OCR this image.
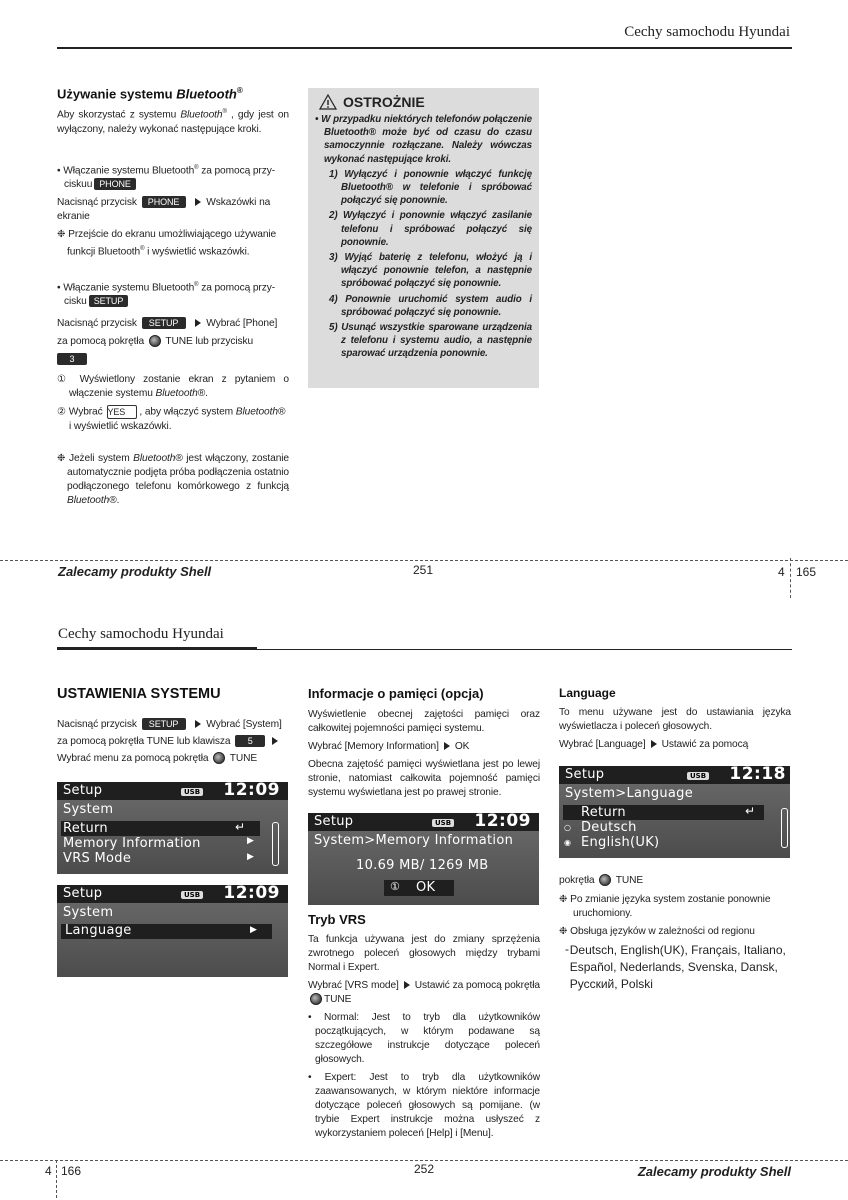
Cechy samochodu Hyundai
Używanie systemu Bluetooth®
Aby skorzystać z systemu Bluetooth® , gdy jest on wyłączony, należy wykonać następujące kroki.
• Włączanie systemu Bluetooth® za pomocą przy-
ciskuu PHONE
Nacisnąć przycisk PHONE	Wskazówki na ekranie
❉ Przejście do ekranu umożliwiającego używanie funkcji Bluetooth® i wyświetlić wskazówki.
• Włączanie systemu Bluetooth® za pomocą przy-
cisku SETUP
Nacisnąć przycisk SETUP	Wybrać [Phone]
za pomocą pokrętła TUNE lub przycisku
3
① Wyświetlony zostanie ekran z pytaniem o włączenie systemu Bluetooth®.
② Wybrać YES , aby włączyć system Bluetooth® i wyświetlić wskazówki.
❉ Jeżeli system Bluetooth® jest włączony, zostanie automatycznie podjęta próba podłączenia ostatnio podłączonego telefonu komórkowego z funkcją Bluetooth®.
OSTROŻNIE
• W przypadku niektórych telefonów połączenie Bluetooth® może być od czasu do czasu samoczynnie rozłączane. Należy wówczas wykonać następujące kroki.
1) Wyłączyć i ponownie włączyć funkcję Bluetooth® w telefonie i spróbować połączyć się ponownie.
2) Wyłączyć i ponownie włączyć zasilanie telefonu i spróbować połączyć się ponownie.
3) Wyjąć baterię z telefonu, włożyć ją i włączyć ponownie telefon, a następnie spróbować połączyć się ponownie.
4) Ponownie uruchomić system audio i spróbować połączyć się ponownie.
5) Usunąć wszystkie sparowane urządzenia z telefonu i systemu audio, a następnie sparować urządzenia ponownie.
Zalecamy produkty Shell	251	4 165
Cechy samochodu Hyundai
USTAWIENIA SYSTEMU
Nacisnąć przycisk SETUP	Wybrać [System]
za pomocą pokrętła TUNE lub klawisza 5
Wybrać menu za pomocą pokrętła TUNE
Setup	USB 12:09
System
Return	↵
Memory Information	▶
VRS Mode	▶
Setup	USB 12:09
System
Language	▶
Informacje o pamięci (opcja)
Wyświetlenie obecnej zajętości pamięci oraz całkowitej pojemności pamięci systemu.
Wybrać [Memory Information] OK
Obecna zajętość pamięci wyświetlana jest po lewej stronie, natomiast całkowita pojemność pamięci systemu wyświetlana jest po prawej stronie.
Setup	USB 12:09
System>Memory Information
10.69 MB/ 1269 MB
① OK
Tryb VRS
Ta funkcja używana jest do zmiany sprzężenia zwrotnego poleceń głosowych między trybami Normal i Expert.
Wybrać [VRS mode] Ustawić za pomocą pokrętła TUNE
• Normal: Jest to tryb dla użytkowników początkujących, w którym podawane są szczegółowe instrukcje dotyczące poleceń głosowych.
• Expert: Jest to tryb dla użytkowników zaawansowanych, w którym niektóre informacje dotyczące poleceń głosowych są pomijane. (w trybie Expert instrukcje można usłyszeć z wykorzystaniem poleceń [Help] i [Menu].
Language
To menu używane jest do ustawiania języka wyświetlacza i poleceń głosowych.
Wybrać [Language] Ustawić za pomocą
Setup	USB 12:18
System>Language
Return	↵
○ Deutsch
◉ English(UK)
pokrętła TUNE
❉ Po zmianie języka system zostanie ponownie uruchomiony.
❉ Obsługa języków w zależności od regionu
- Deutsch, English(UK), Français, Italiano, Español, Nederlands, Svenska, Dansk, Русский, Polski
4 166	252	Zalecamy produkty Shell
